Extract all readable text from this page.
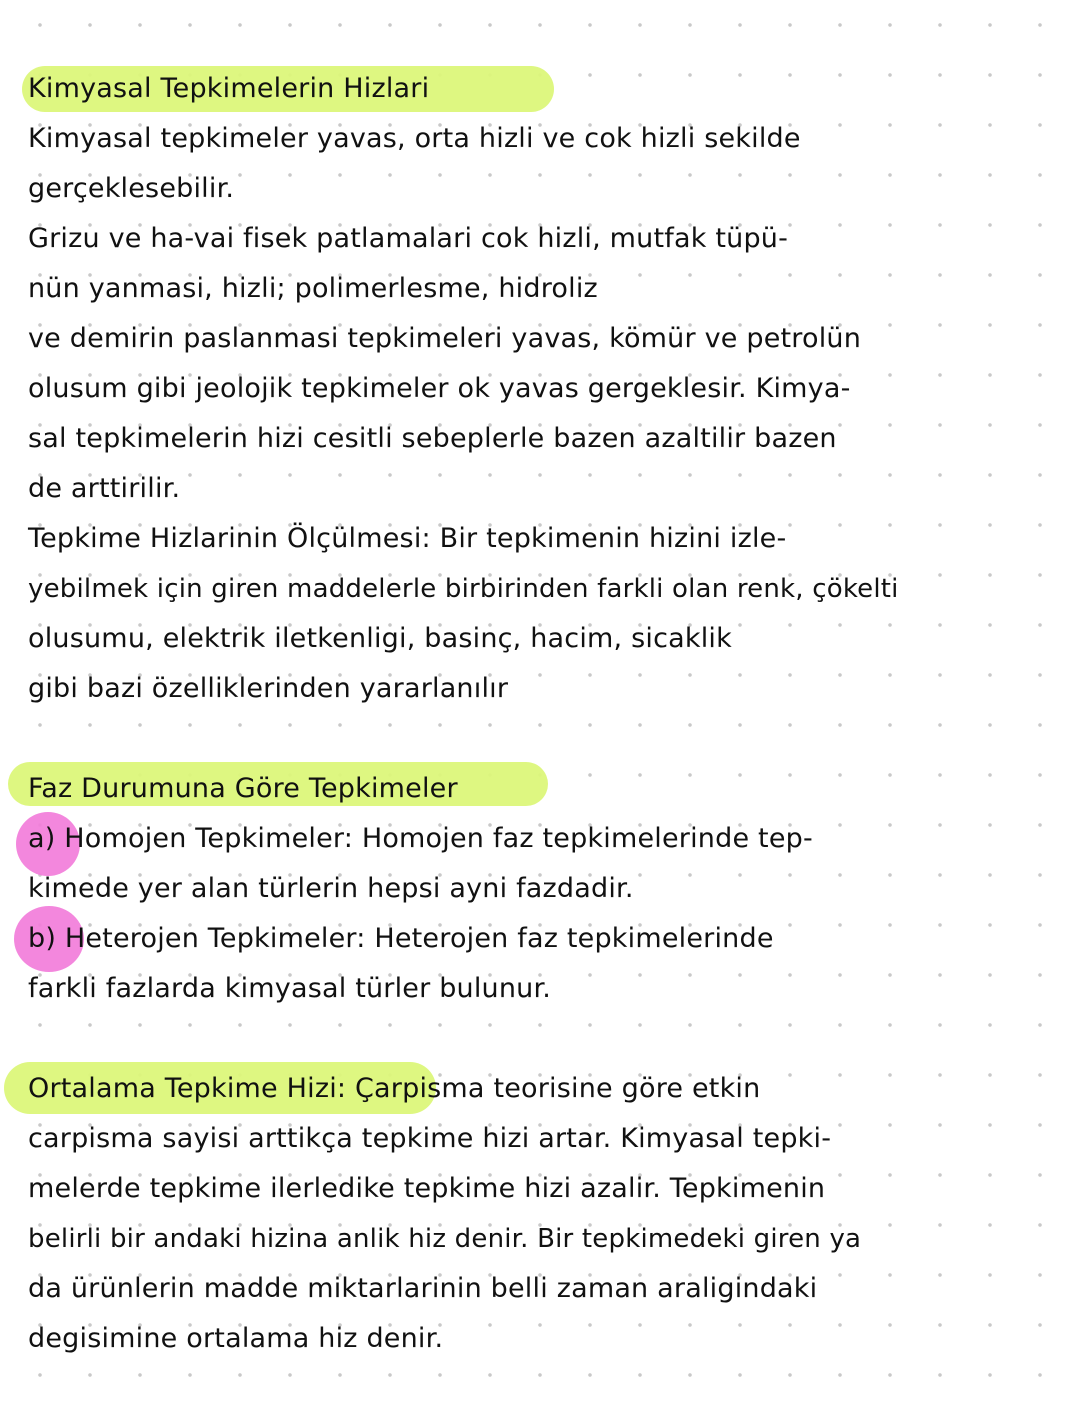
Kimyasal Tepkimelerin Hizlari
Kimyasal tepkimeler yavas, orta hizli ve cok hizli sekilde
gerçeklesebilir.
Grizu ve ha-vai fisek patlamalari cok hizli, mutfak tüpü-
nün yanmasi, hizli; polimerlesme, hidroliz
ve demirin paslanmasi tepkimeleri yavas, kömür ve petrolün
olusum gibi jeolojik tepkimeler ok yavas gergeklesir. Kimya-
sal tepkimelerin hizi cesitli sebeplerle bazen azaltilir bazen
de arttirilir.
Tepkime Hizlarinin Ölçülmesi: Bir tepkimenin hizini izle-
yebilmek için giren maddelerle birbirinden farkli olan renk, çökelti
olusumu, elektrik iletkenligi, basinç, hacim, sicaklik
gibi bazi özelliklerinden yararlanılır
Faz Durumuna Göre Tepkimeler
a) Homojen Tepkimeler: Homojen faz tepkimelerinde tep-
kimede yer alan türlerin hepsi ayni fazdadir.
b) Heterojen Tepkimeler: Heterojen faz tepkimelerinde
farkli fazlarda kimyasal türler bulunur.
Ortalama Tepkime Hizi: Çarpisma teorisine göre etkin
carpisma sayisi arttikça tepkime hizi artar. Kimyasal tepki-
melerde tepkime ilerledike tepkime hizi azalir. Tepkimenin
belirli bir andaki hizina anlik hiz denir. Bir tepkimedeki giren ya
da ürünlerin madde miktarlarinin belli zaman araligindaki
degisimine ortalama hiz denir.
